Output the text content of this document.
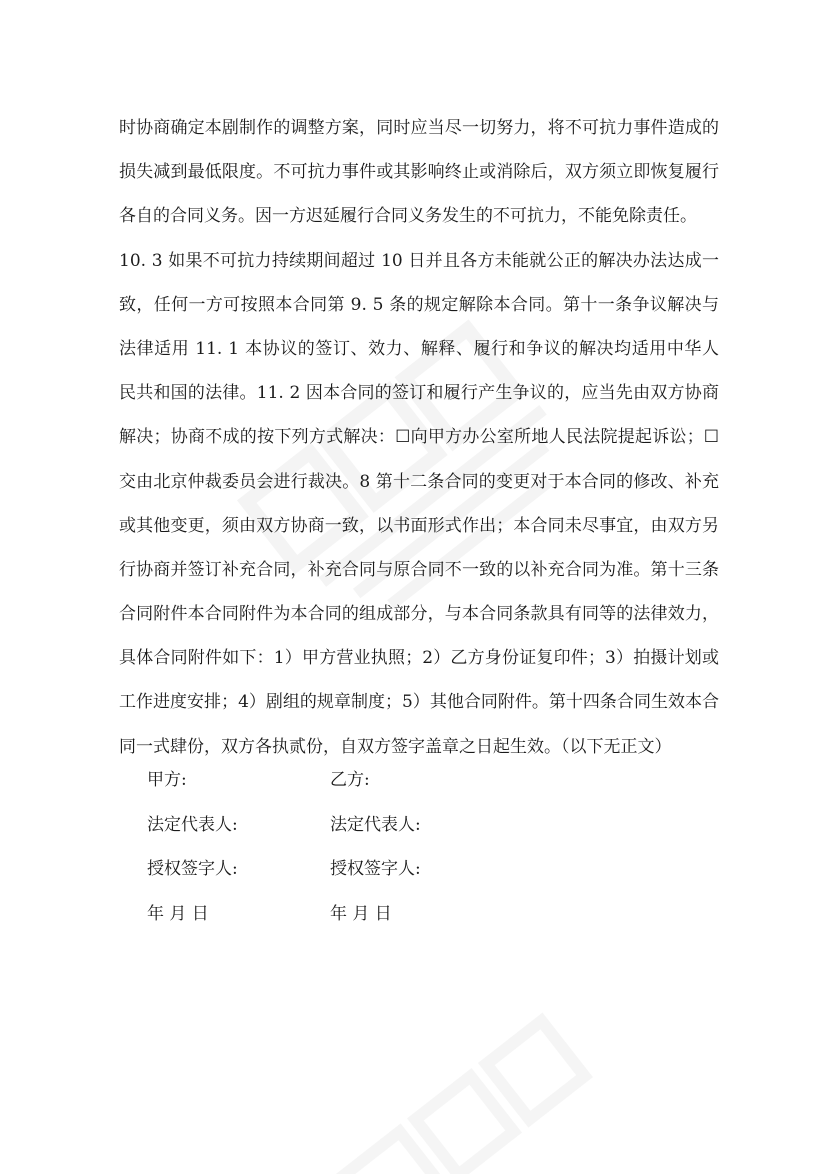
时协商确定本剧制作的调整方案，同时应当尽一切努力，将不可抗力事件造成的
损失减到最低限度。不可抗力事件或其影响终止或消除后，双方须立即恢复履行
各自的合同义务。因一方迟延履行合同义务发生的不可抗力，不能免除责任。
10. 3 如果不可抗力持续期间超过 10 日并且各方未能就公正的解决办法达成一
致，任何一方可按照本合同第 9. 5 条的规定解除本合同。第十一条争议解决与
法律适用 11. 1 本协议的签订、效力、解释、履行和争议的解决均适用中华人
民共和国的法律。11. 2 因本合同的签订和履行产生争议的，应当先由双方协商
解决；协商不成的按下列方式解决：☐向甲方办公室所地人民法院提起诉讼；☐
交由北京仲裁委员会进行裁决。8 第十二条合同的变更对于本合同的修改、补充
或其他变更，须由双方协商一致，以书面形式作出；本合同未尽事宜，由双方另
行协商并签订补充合同，补充合同与原合同不一致的以补充合同为准。第十三条
合同附件本合同附件为本合同的组成部分，与本合同条款具有同等的法律效力，
具体合同附件如下：1）甲方营业执照；2）乙方身份证复印件；3）拍摄计划或
工作进度安排；4）剧组的规章制度；5）其他合同附件。第十四条合同生效本合
同一式肆份，双方各执贰份，自双方签字盖章之日起生效。（以下无正文）
甲方:	乙方:
法定代表人:	法定代表人:
授权签字人:	授权签字人:
年 月 日	年 月 日
